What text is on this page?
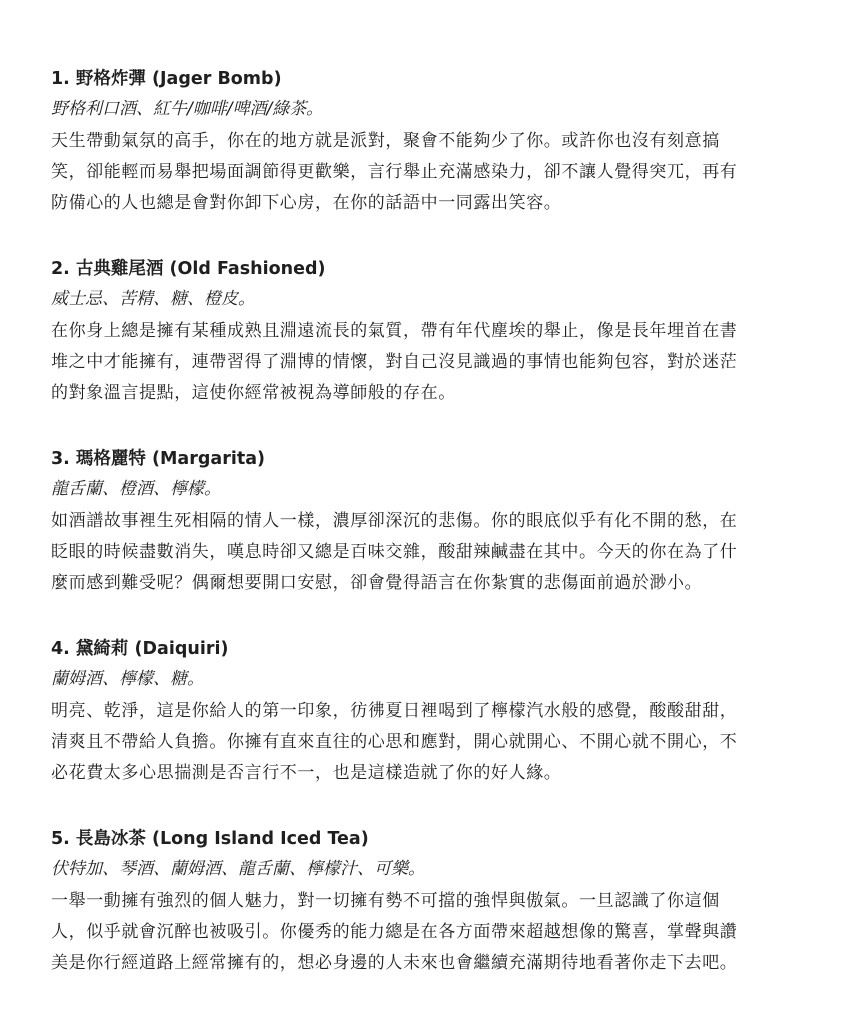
1. 野格炸彈 (Jager Bomb)
野格利口酒、紅牛/咖啡/啤酒/綠茶。

天生帶動氣氛的高手，你在的地方就是派對，聚會不能夠少了你。或許你也沒有刻意搞
笑，卻能輕而易舉把場面調節得更歡樂，言行舉止充滿感染力，卻不讓人覺得突兀，再有
防備心的人也總是會對你卸下心房，在你的話語中一同露出笑容。

2. 古典雞尾酒 (Old Fashioned)
威士忌、苦精、糖、橙皮。

在你身上總是擁有某種成熟且淵遠流長的氣質，帶有年代塵埃的舉止，像是長年埋首在書
堆之中才能擁有，連帶習得了淵博的情懷，對自己沒見識過的事情也能夠包容，對於迷茫
的對象溫言提點，這使你經常被視為導師般的存在。

3. 瑪格麗特 (Margarita)
龍舌蘭、橙酒、檸檬。

如酒譜故事裡生死相隔的情人一樣，濃厚卻深沉的悲傷。你的眼底似乎有化不開的愁，在
眨眼的時候盡數消失，嘆息時卻又總是百味交雜，酸甜辣鹹盡在其中。今天的你在為了什
麼而感到難受呢？偶爾想要開口安慰，卻會覺得語言在你紮實的悲傷面前過於渺小。

4. 黛綺莉 (Daiquiri)
蘭姆酒、檸檬、糖。

明亮、乾淨，這是你給人的第一印象，彷彿夏日裡喝到了檸檬汽水般的感覺，酸酸甜甜，
清爽且不帶給人負擔。你擁有直來直往的心思和應對，開心就開心、不開心就不開心，不
必花費太多心思揣測是否言行不一，也是這樣造就了你的好人緣。

5. 長島冰茶 (Long Island Iced Tea)
伏特加、琴酒、蘭姆酒、龍舌蘭、檸檬汁、可樂。

一舉一動擁有強烈的個人魅力，對一切擁有勢不可擋的強悍與傲氣。一旦認識了你這個
人，似乎就會沉醉也被吸引。你優秀的能力總是在各方面帶來超越想像的驚喜，掌聲與讚
美是你行經道路上經常擁有的，想必身邊的人未來也會繼續充滿期待地看著你走下去吧。
